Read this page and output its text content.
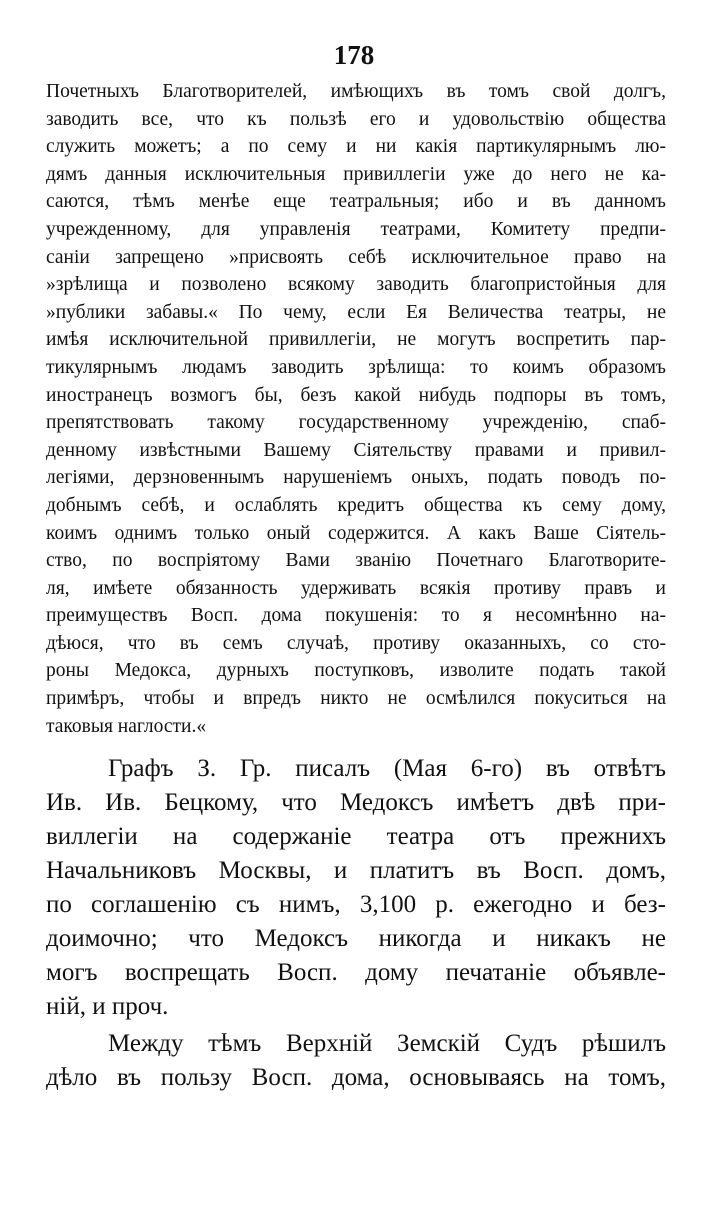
178
Почетныхъ Благотворителей, имѣющихъ въ томъ свой долгъ,
заводить все, что къ пользѣ его и удовольствію общества
служить можетъ; а по сему и ни какія партикулярнымъ лю-
дямъ данныя исключительныя привиллегіи уже до него не ка-
саются, тѣмъ менѣе еще театральныя; ибо и въ данномъ
учрежденному, для управленія театрами, Комитету предпи-
саніи запрещено »присвоять себѣ исключительное право на
»зрѣлища и позволено всякому заводить благопристойныя для
»публики забавы.« По чему, если Ея Величества театры, не
имѣя исключительной привиллегіи, не могутъ воспретить пар-
тикулярнымъ людамъ заводить зрѣлища: то коимъ образомъ
иностранецъ возмогъ бы, безъ какой нибудь подпоры въ томъ,
препятствовать такому государственному учрежденію, спаб-
денному извѣстными Вашему Сіятельству правами и привил-
легіями, дерзновеннымъ нарушеніемъ оныхъ, подать поводъ по-
добнымъ себѣ, и ослаблять кредитъ общества къ сему дому,
коимъ однимъ только оный содержится. А какъ Ваше Сіятель-
ство, по воспріятому Вами званію Почетнаго Благотворите-
ля, имѣете обязанность удерживать всякія противу правъ и
преимуществъ Восп. дома покушенія: то я несомнѣнно на-
дѣюся, что въ семъ случаѣ, противу оказанныхъ, со сто-
роны Медокса, дурныхъ поступковъ, изволите подать такой
примѣръ, чтобы и впредъ никто не осмѣлился покуситься на
таковыя наглости.«
Графъ З. Гр. писалъ (Мая 6-го) въ отвѣтъ
Ив. Ив. Бецкому, что Медоксъ имѣетъ двѣ при-
виллегіи на содержаніе театра отъ прежнихъ
Начальниковъ Москвы, и платитъ въ Восп. домъ,
по соглашенію съ нимъ, 3,100 р. ежегодно и без-
доимочно; что Медоксъ никогда и никакъ не
могъ воспрещать Восп. дому печатаніе объявле-
ній, и проч.
Между тѣмъ Верхній Земскій Судъ рѣшилъ
дѣло въ пользу Восп. дома, основываясь на томъ,
